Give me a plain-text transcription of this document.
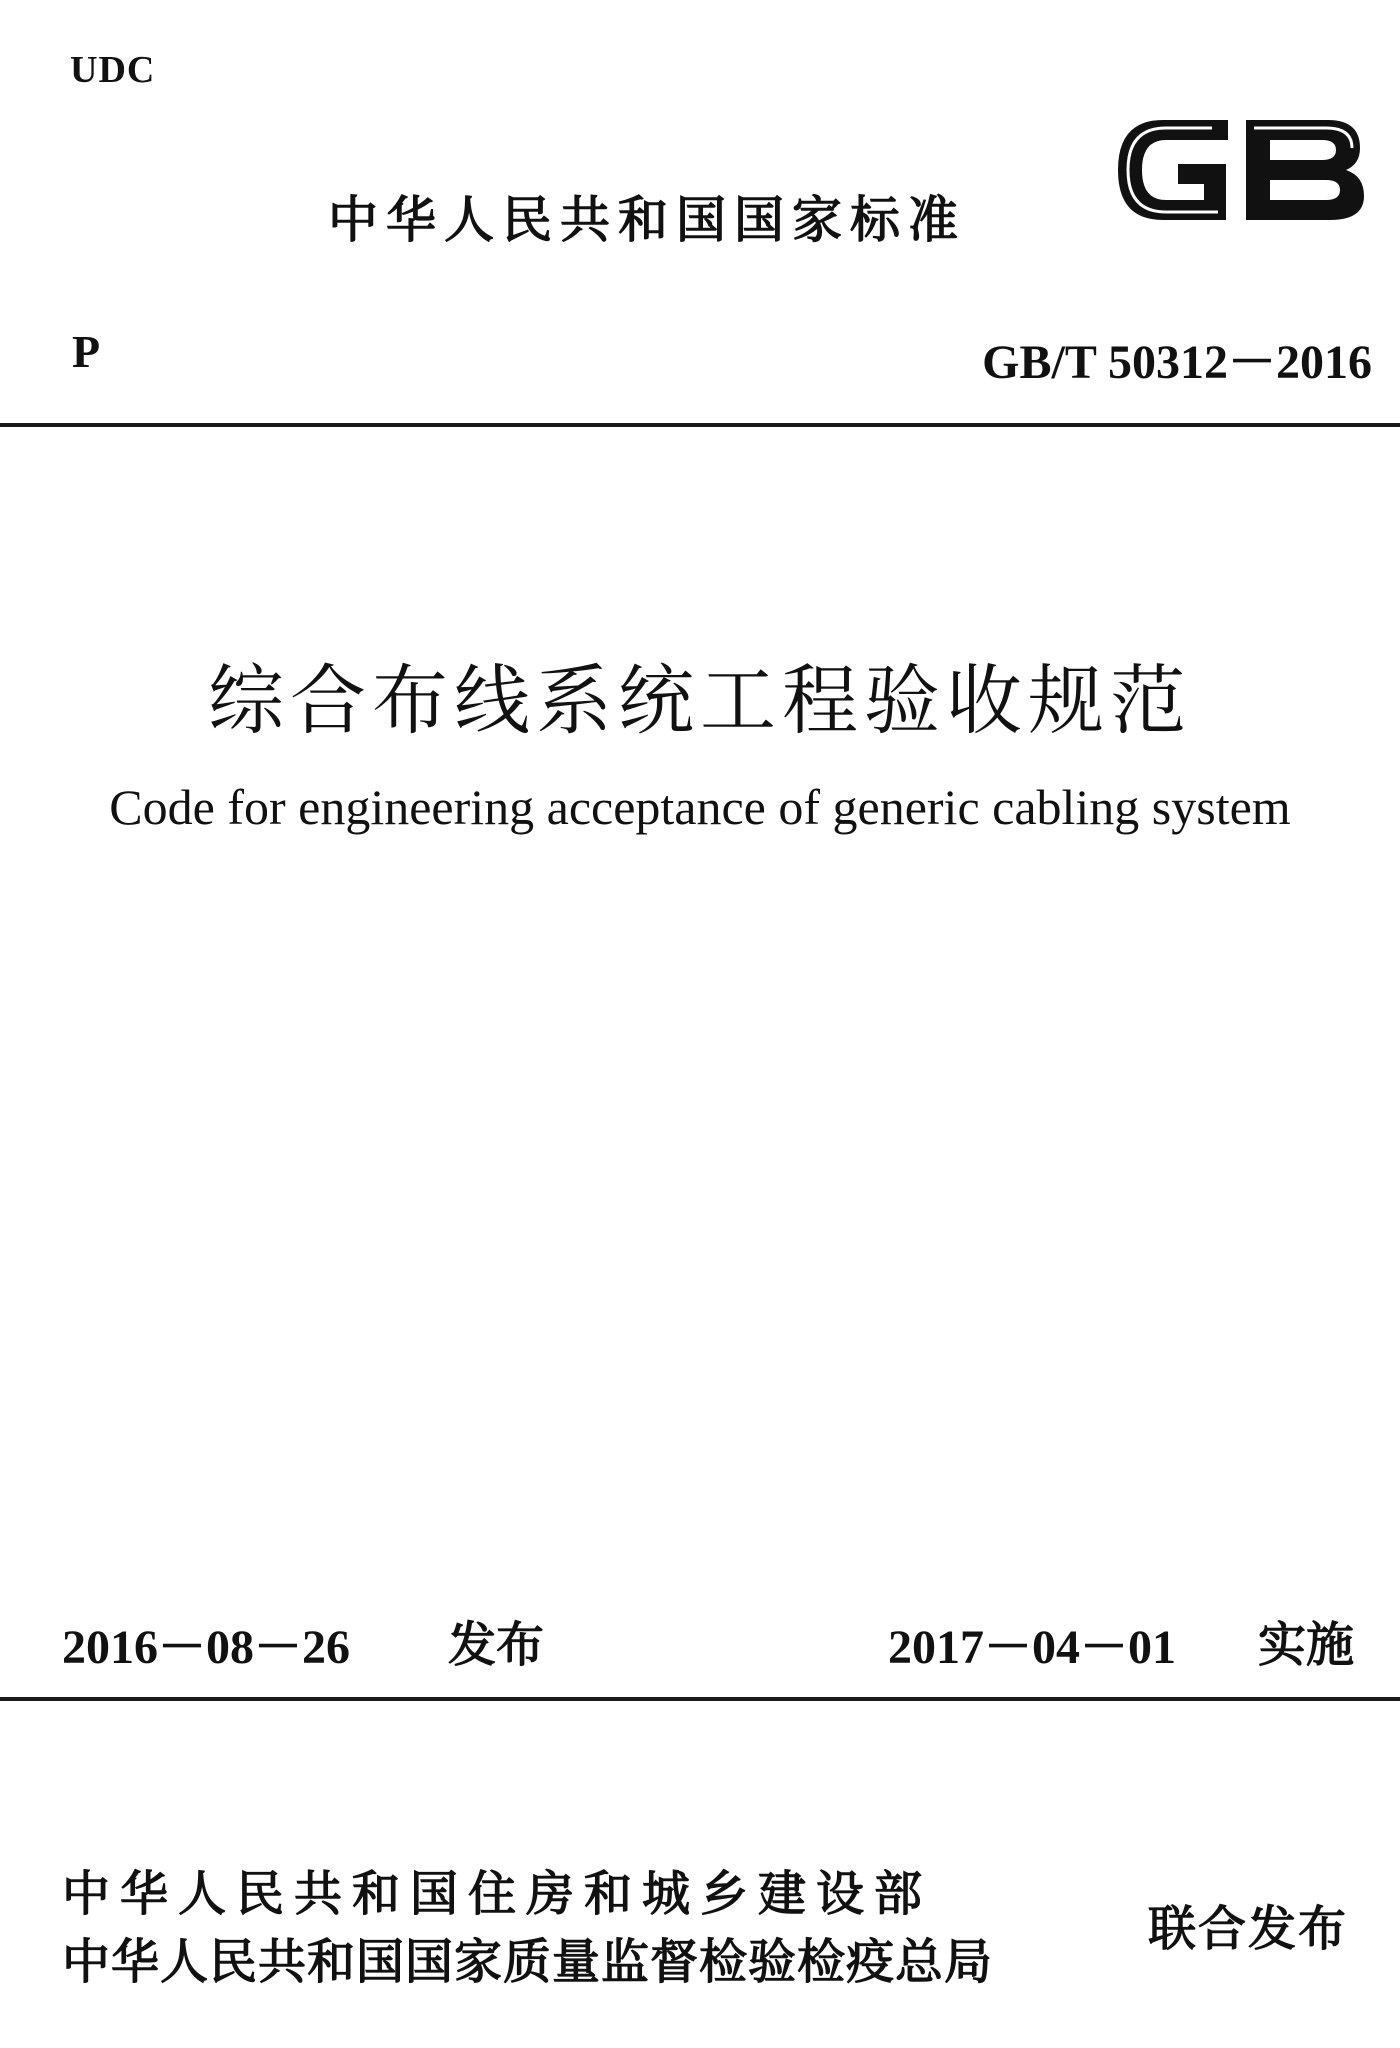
UDC
中华人民共和国国家标准
P	GB/T 50312－2016
综合布线系统工程验收规范
Code for engineering acceptance of generic cabling system
2016－08－26 发布	2017－04－01 实施
中华人民共和国住房和城乡建设部
中华人民共和国国家质量监督检验检疫总局
联合发布
